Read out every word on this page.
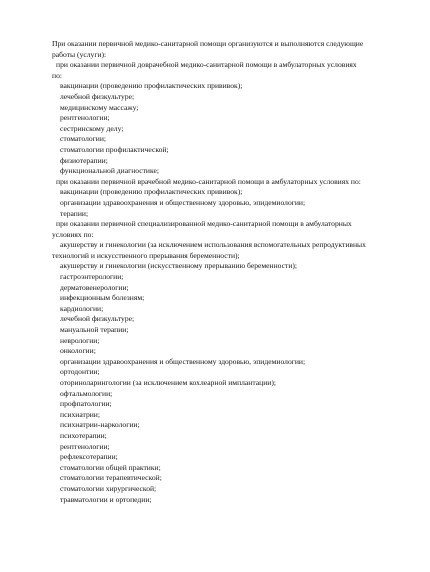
При оказании первичной медико-санитарной помощи организуются и выполняются следующие
работы (услуги):
при оказании первичной доврачебной медико-санитарной помощи в амбулаторных условиях
по:
вакцинации (проведению профилактических прививок);
лечебной физкультуре;
медицинскому массажу;
рентгенологии;
сестринскому делу;
стоматологии;
стоматологии профилактической;
физиотерапии;
функциональной диагностике;
при оказании первичной врачебной медико-санитарной помощи в амбулаторных условиях по:
вакцинации (проведению профилактических прививок);
организации здравоохранения и общественному здоровью, эпидемиологии;
терапии;
при оказании первичной специализированной медико-санитарной помощи в амбулаторных
условиях по:
акушерству и гинекологии (за исключением использования вспомогательных репродуктивных
технологий и искусственного прерывания беременности);
акушерству и гинекологии (искусственному прерыванию беременности);
гастроэнтерологии;
дерматовенерологии;
инфекционным болезням;
кардиологии;
лечебной физкультуре;
мануальной терапии;
неврологии;
онкологии;
организации здравоохранения и общественному здоровью, эпидемиологии;
ортодонтии;
оториноларингологии (за исключением кохлеарной имплантации);
офтальмологии;
профпатологии;
психиатрии;
психиатрии-наркологии;
психотерапии;
рентгенологии;
рефлексотерапии;
стоматологии общей практики;
стоматологии терапевтической;
стоматологии хирургической;
травматологии и ортопедии;
